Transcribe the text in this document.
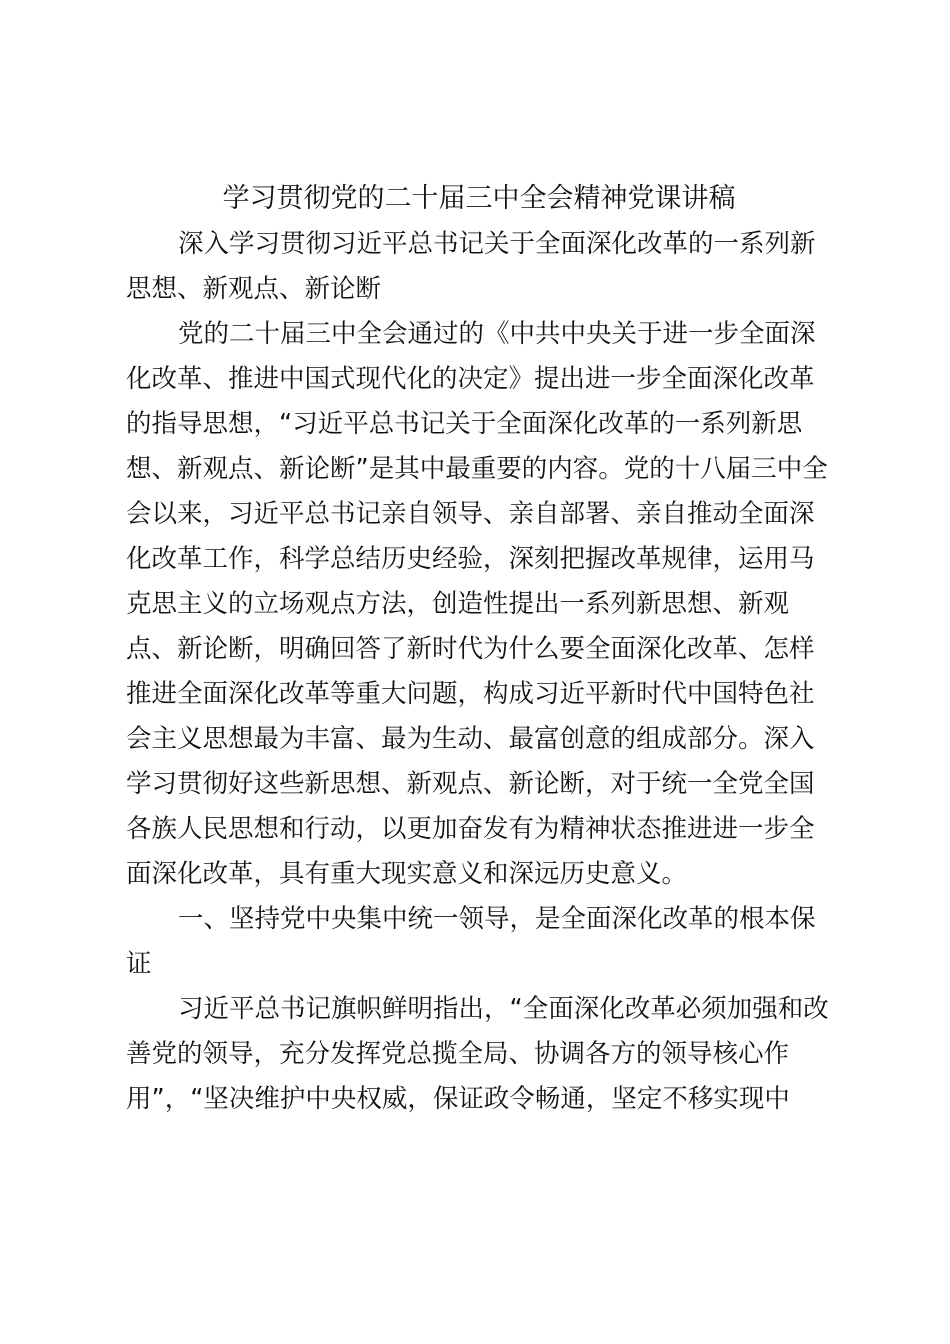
学习贯彻党的二十届三中全会精神党课讲稿

深入学习贯彻习近平总书记关于全面深化改革的一系列新
思想、新观点、新论断

党的二十届三中全会通过的《中共中央关于进一步全面深
化改革、推进中国式现代化的决定》提出进一步全面深化改革
的指导思想，“习近平总书记关于全面深化改革的一系列新思
想、新观点、新论断”是其中最重要的内容。党的十八届三中全
会以来，习近平总书记亲自领导、亲自部署、亲自推动全面深
化改革工作，科学总结历史经验，深刻把握改革规律，运用马
克思主义的立场观点方法，创造性提出一系列新思想、新观
点、新论断，明确回答了新时代为什么要全面深化改革、怎样
推进全面深化改革等重大问题，构成习近平新时代中国特色社
会主义思想最为丰富、最为生动、最富创意的组成部分。深入
学习贯彻好这些新思想、新观点、新论断，对于统一全党全国
各族人民思想和行动，以更加奋发有为精神状态推进进一步全
面深化改革，具有重大现实意义和深远历史意义。

一、坚持党中央集中统一领导，是全面深化改革的根本保
证

习近平总书记旗帜鲜明指出，“全面深化改革必须加强和改
善党的领导，充分发挥党总揽全局、协调各方的领导核心作
用”，“坚决维护中央权威，保证政令畅通，坚定不移实现中
